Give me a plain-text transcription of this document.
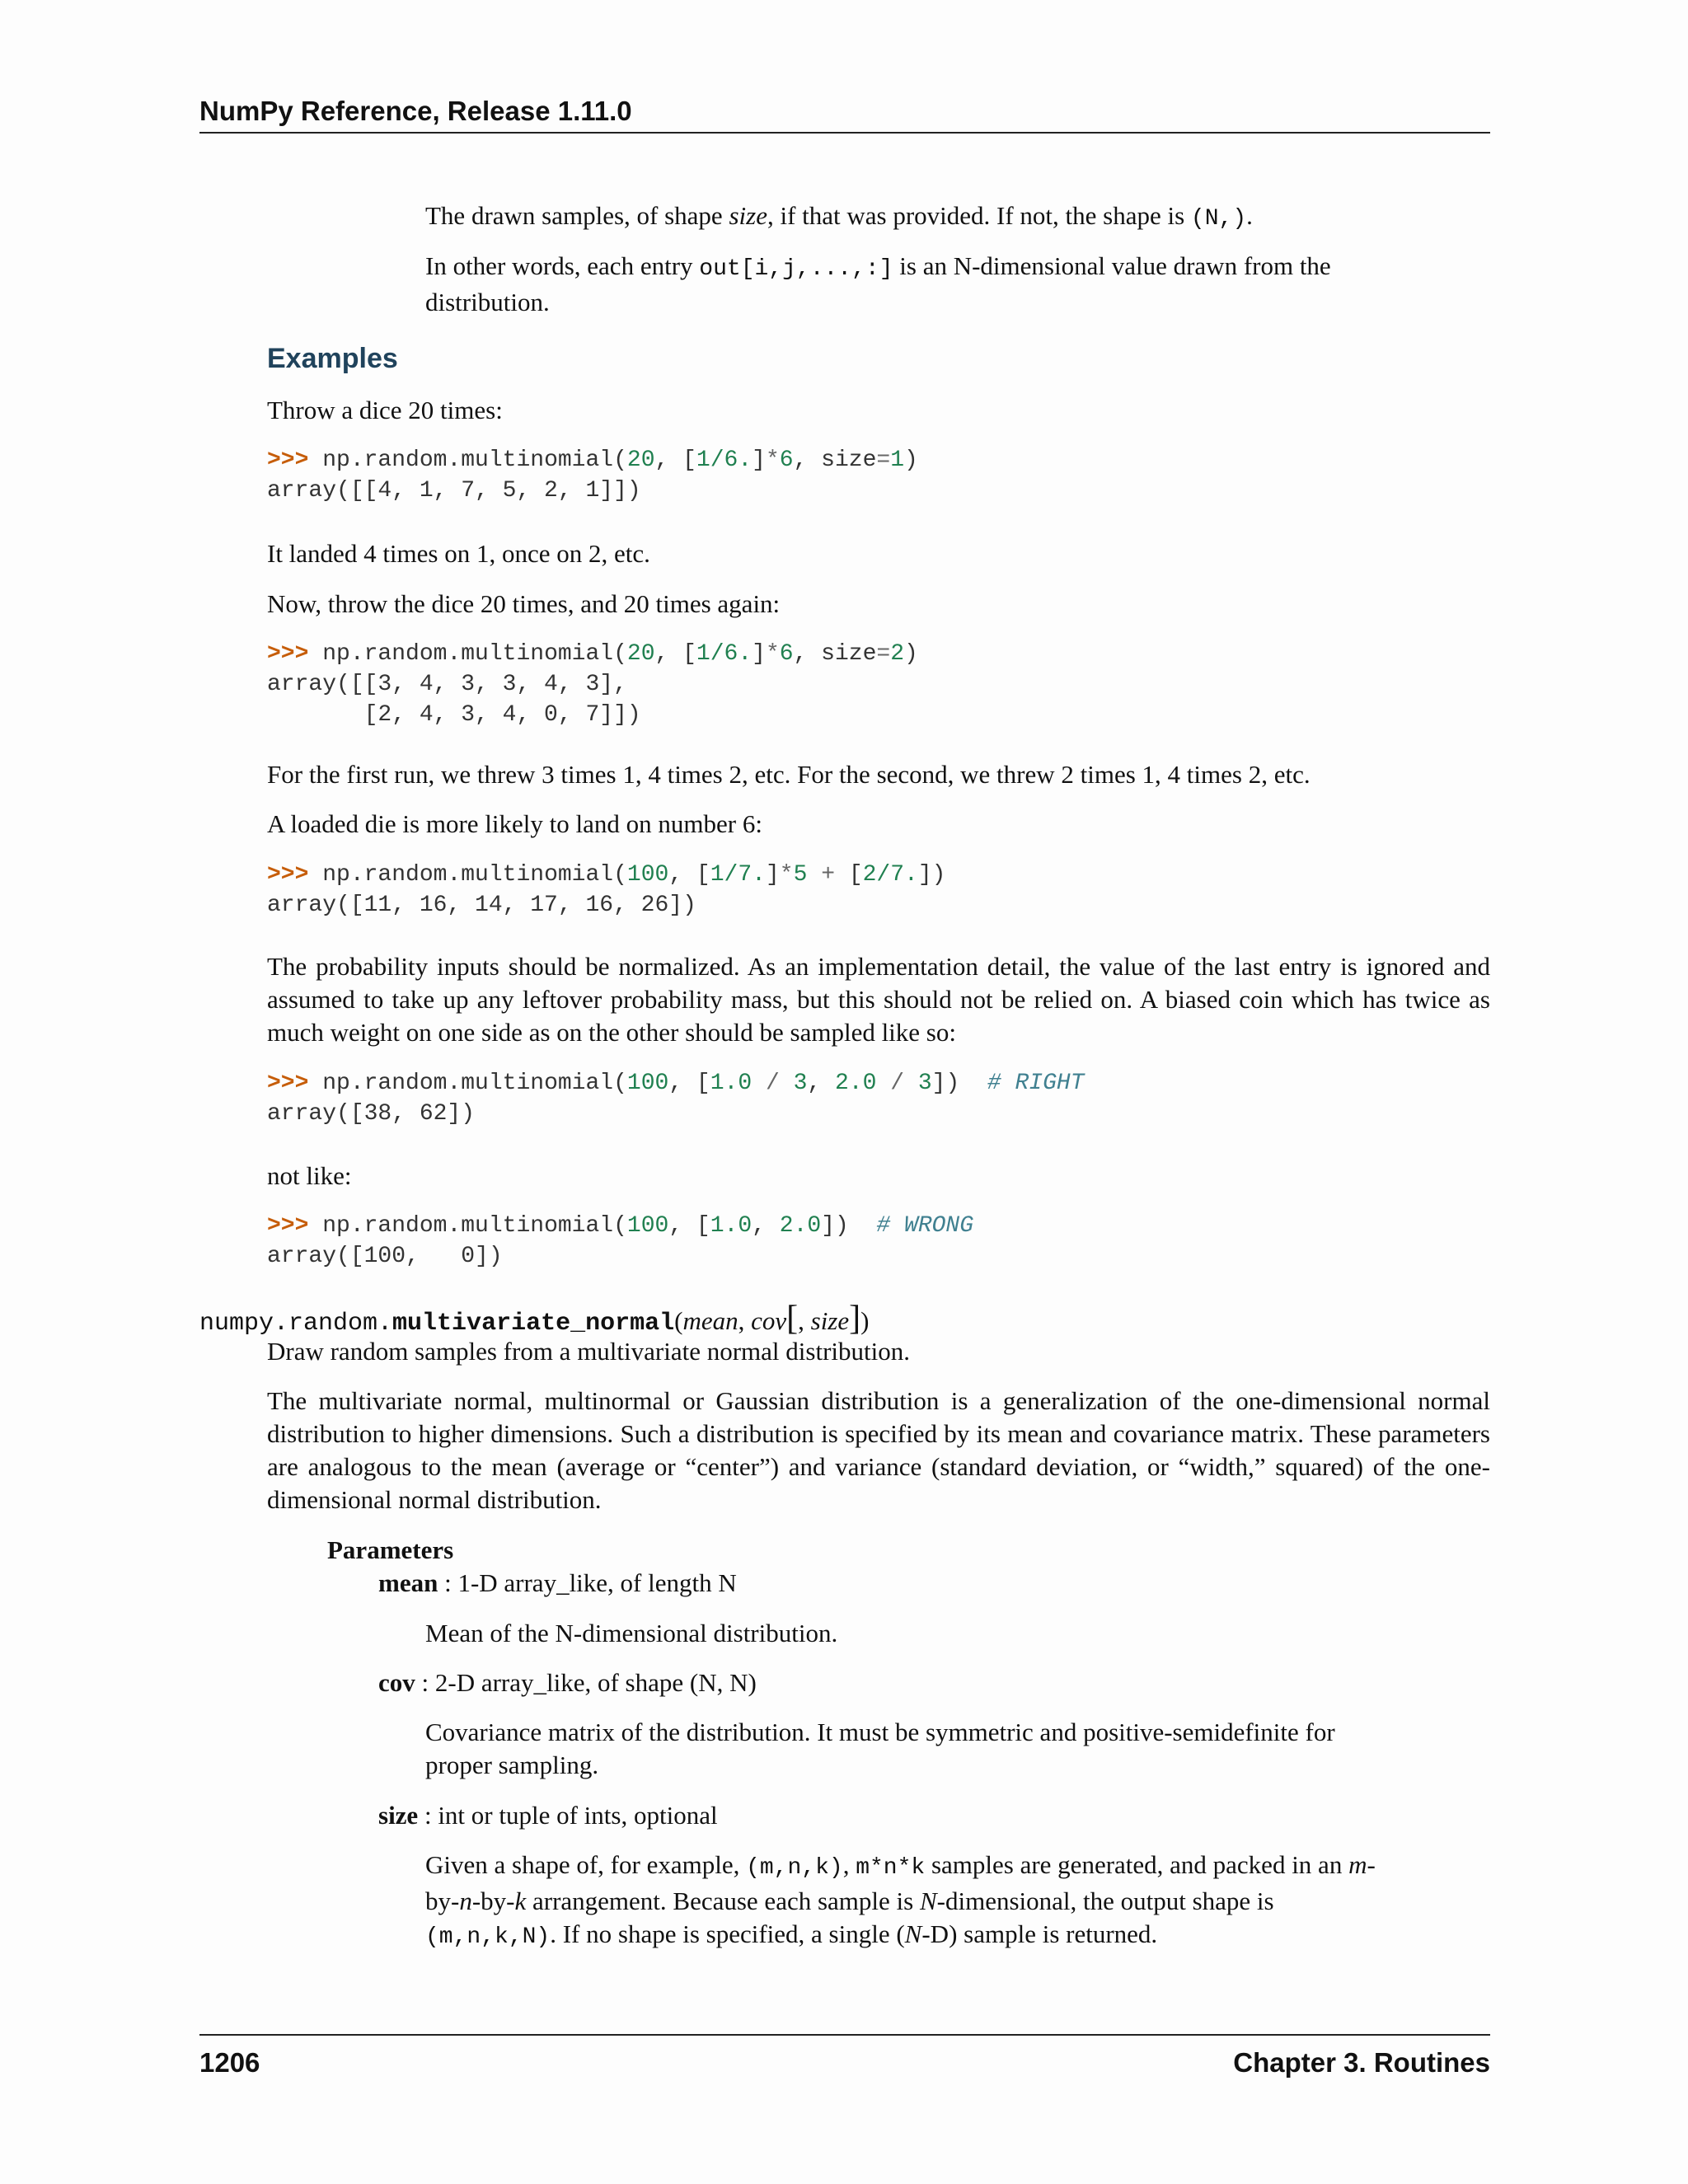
NumPy Reference, Release 1.11.0

The drawn samples, of shape size, if that was provided. If not, the shape is (N,).

In other words, each entry out[i,j,...,:] is an N-dimensional value drawn from the distribution.

Examples

Throw a dice 20 times:

>>> np.random.multinomial(20, [1/6.]*6, size=1)
array([[4, 1, 7, 5, 2, 1]])

It landed 4 times on 1, once on 2, etc.

Now, throw the dice 20 times, and 20 times again:

>>> np.random.multinomial(20, [1/6.]*6, size=2)
array([[3, 4, 3, 3, 4, 3],
[2, 4, 3, 4, 0, 7]])

For the first run, we threw 3 times 1, 4 times 2, etc. For the second, we threw 2 times 1, 4 times 2, etc.

A loaded die is more likely to land on number 6:

>>> np.random.multinomial(100, [1/7.]*5 + [2/7.])
array([11, 16, 14, 17, 16, 26])

The probability inputs should be normalized. As an implementation detail, the value of the last entry is ignored and assumed to take up any leftover probability mass, but this should not be relied on. A biased coin which has twice as much weight on one side as on the other should be sampled like so:

>>> np.random.multinomial(100, [1.0 / 3, 2.0 / 3])  # RIGHT
array([38, 62])

not like:

>>> np.random.multinomial(100, [1.0, 2.0])  # WRONG
array([100,   0])
numpy.random.multivariate_normal(mean, cov[, size])

Draw random samples from a multivariate normal distribution.

The multivariate normal, multinormal or Gaussian distribution is a generalization of the one-dimensional normal distribution to higher dimensions. Such a distribution is specified by its mean and covariance matrix. These parameters are analogous to the mean (average or “center”) and variance (standard deviation, or “width,” squared) of the one-dimensional normal distribution.

Parameters

mean : 1-D array_like, of length N

Mean of the N-dimensional distribution.

cov : 2-D array_like, of shape (N, N)

Covariance matrix of the distribution. It must be symmetric and positive-semidefinite for proper sampling.

size : int or tuple of ints, optional

Given a shape of, for example, (m,n,k), m*n*k samples are generated, and packed in an m-by-n-by-k arrangement. Because each sample is N-dimensional, the output shape is (m,n,k,N). If no shape is specified, a single (N-D) sample is returned.

1206	Chapter 3. Routines
